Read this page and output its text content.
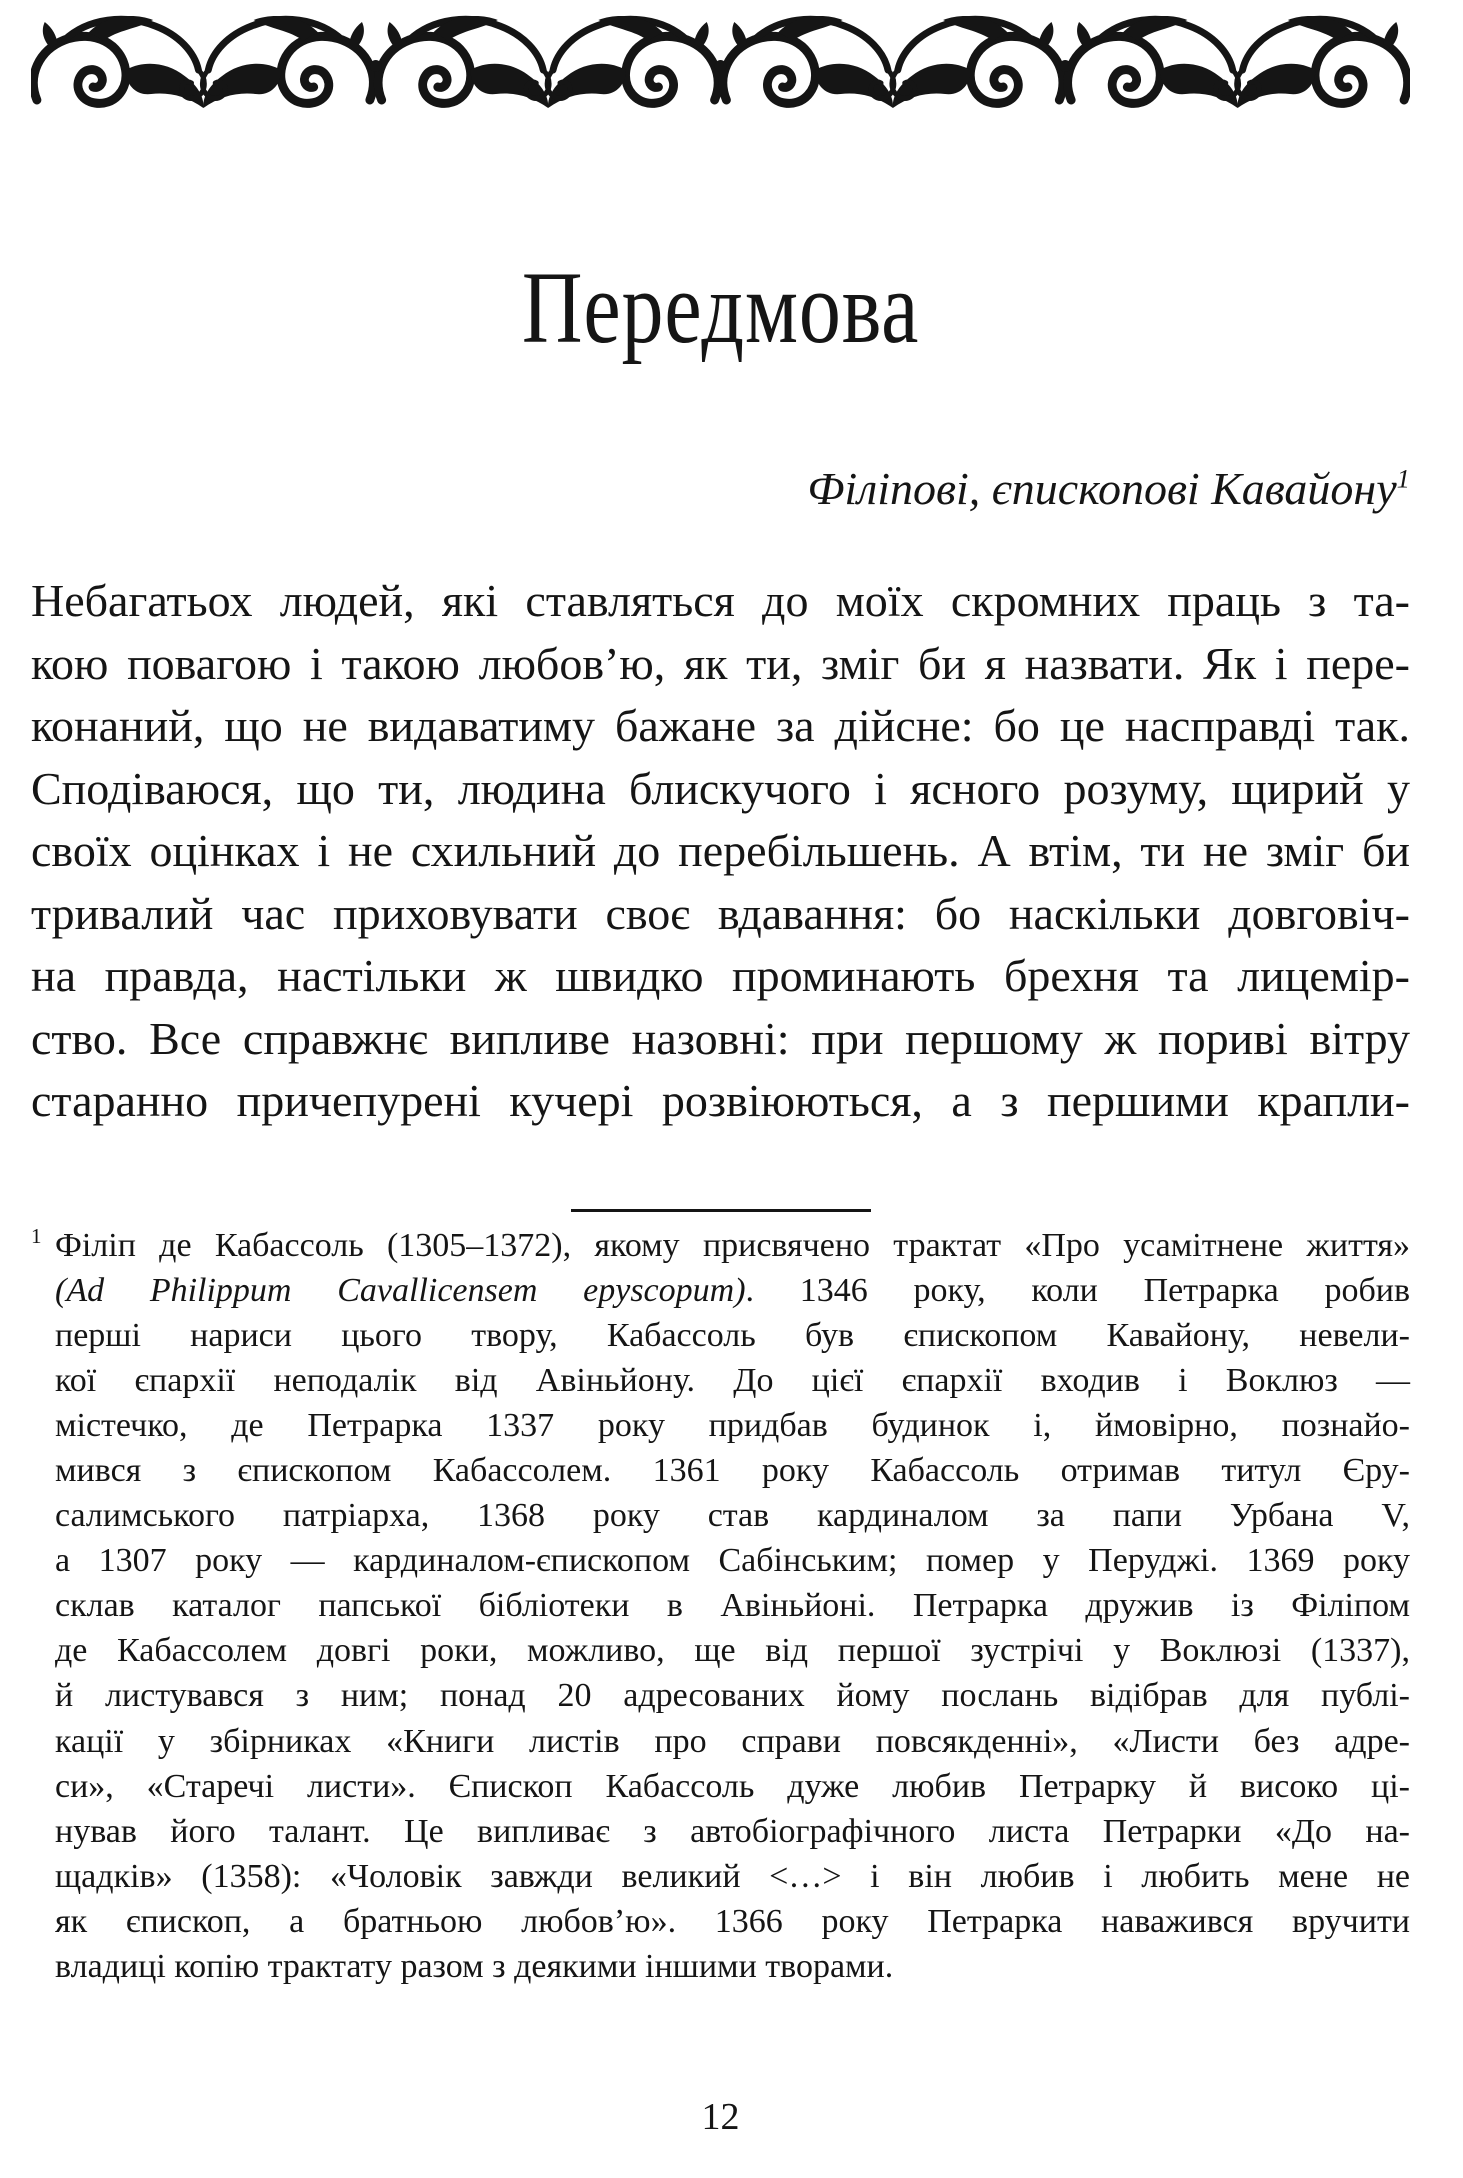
Передмова
Філіпові, єпископові Кавайону$^1$
Небагатьох людей, які ставляться до моїх скромних праць з та-
кою повагою і такою любов’ю, як ти, зміг би я назвати. Як і пере-
конаний, що не видаватиму бажане за дійсне: бо це насправді так.
Сподіваюся, що ти, людина блискучого і ясного розуму, щирий у
своїх оцінках і не схильний до перебільшень. А втім, ти не зміг би
тривалий час приховувати своє вдавання: бо наскільки довговіч-
на правда, настільки ж швидко проминають брехня та лицемір-
ство. Все справжнє випливе назовні: при першому ж пориві вітру
старанно причепурені кучері розвіюються, а з першими крапли-
$^1$ Філіп де Кабассоль (1305–1372), якому присвячено трактат «Про усамітнене життя»
(Ad Philippum Cavallicensem epyscopum). 1346 року, коли Петрарка робив
перші нариси цього твору, Кабассоль був єпископом Кавайону, невели-
кої єпархії неподалік від Авіньйону. До цієї єпархії входив і Воклюз —
містечко, де Петрарка 1337 року придбав будинок і, ймовірно, познайо-
мився з єпископом Кабассолем. 1361 року Кабассоль отримав титул Єру-
салимського патріарха, 1368 року став кардиналом за папи Урбана V,
а 1307 року — кардиналом-єпископом Сабінським; помер у Перуджі. 1369 року
склав каталог папської бібліотеки в Авіньйоні. Петрарка дружив із Філіпом
де Кабассолем довгі роки, можливо, ще від першої зустрічі у Воклюзі (1337),
й листувався з ним; понад 20 адресованих йому послань відібрав для публі-
кації у збірниках «Книги листів про справи повсякденні», «Листи без адре-
си», «Старечі листи». Єпископ Кабассоль дуже любив Петрарку й високо ці-
нував його талант. Це випливає з автобіографічного листа Петрарки «До на-
щадків» (1358): «Чоловік завжди великий <…> і він любив і любить мене не
як єпископ, а братньою любов’ю». 1366 року Петрарка наважився вручити
владиці копію трактату разом з деякими іншими творами.
12
